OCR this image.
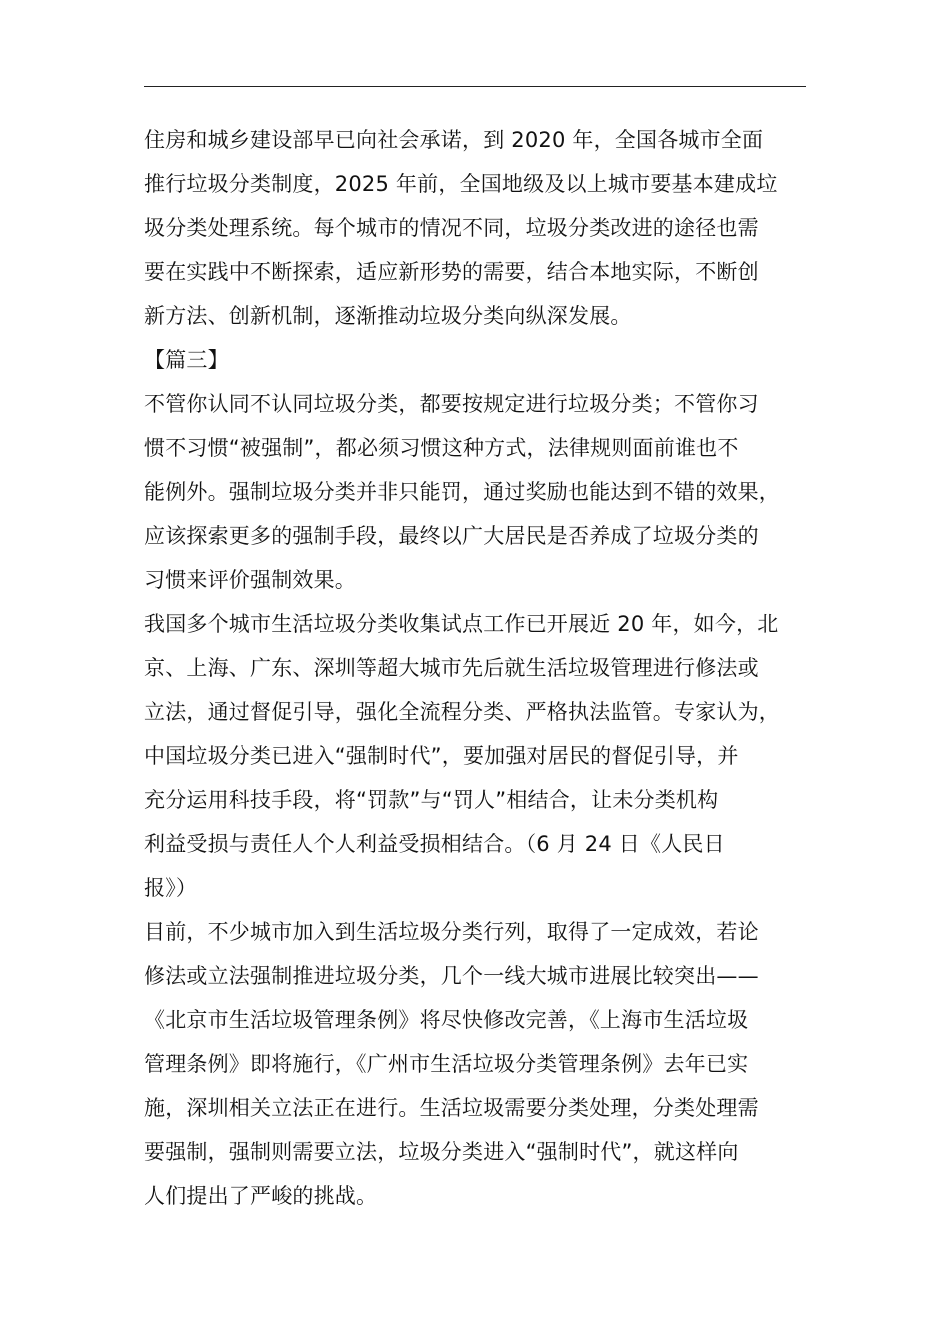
住房和城乡建设部早已向社会承诺，到 2020 年，全国各城市全面
推行垃圾分类制度，2025 年前，全国地级及以上城市要基本建成垃
圾分类处理系统。每个城市的情况不同，垃圾分类改进的途径也需
要在实践中不断探索，适应新形势的需要，结合本地实际，不断创
新方法、创新机制，逐渐推动垃圾分类向纵深发展。

【篇三】

不管你认同不认同垃圾分类，都要按规定进行垃圾分类；不管你习
惯不习惯“被强制”，都必须习惯这种方式，法律规则面前谁也不
能例外。强制垃圾分类并非只能罚，通过奖励也能达到不错的效果，
应该探索更多的强制手段，最终以广大居民是否养成了垃圾分类的
习惯来评价强制效果。

我国多个城市生活垃圾分类收集试点工作已开展近 20 年，如今，北
京、上海、广东、深圳等超大城市先后就生活垃圾管理进行修法或
立法，通过督促引导，强化全流程分类、严格执法监管。专家认为，
中国垃圾分类已进入“强制时代”，要加强对居民的督促引导，并
充分运用科技手段，将“罚款”与“罚人”相结合，让未分类机构
利益受损与责任人个人利益受损相结合。（6 月 24 日《人民日
报》）

目前，不少城市加入到生活垃圾分类行列，取得了一定成效，若论
修法或立法强制推进垃圾分类，几个一线大城市进展比较突出——
《北京市生活垃圾管理条例》将尽快修改完善，《上海市生活垃圾
管理条例》即将施行，《广州市生活垃圾分类管理条例》去年已实
施，深圳相关立法正在进行。生活垃圾需要分类处理，分类处理需
要强制，强制则需要立法，垃圾分类进入“强制时代”，就这样向
人们提出了严峻的挑战。
